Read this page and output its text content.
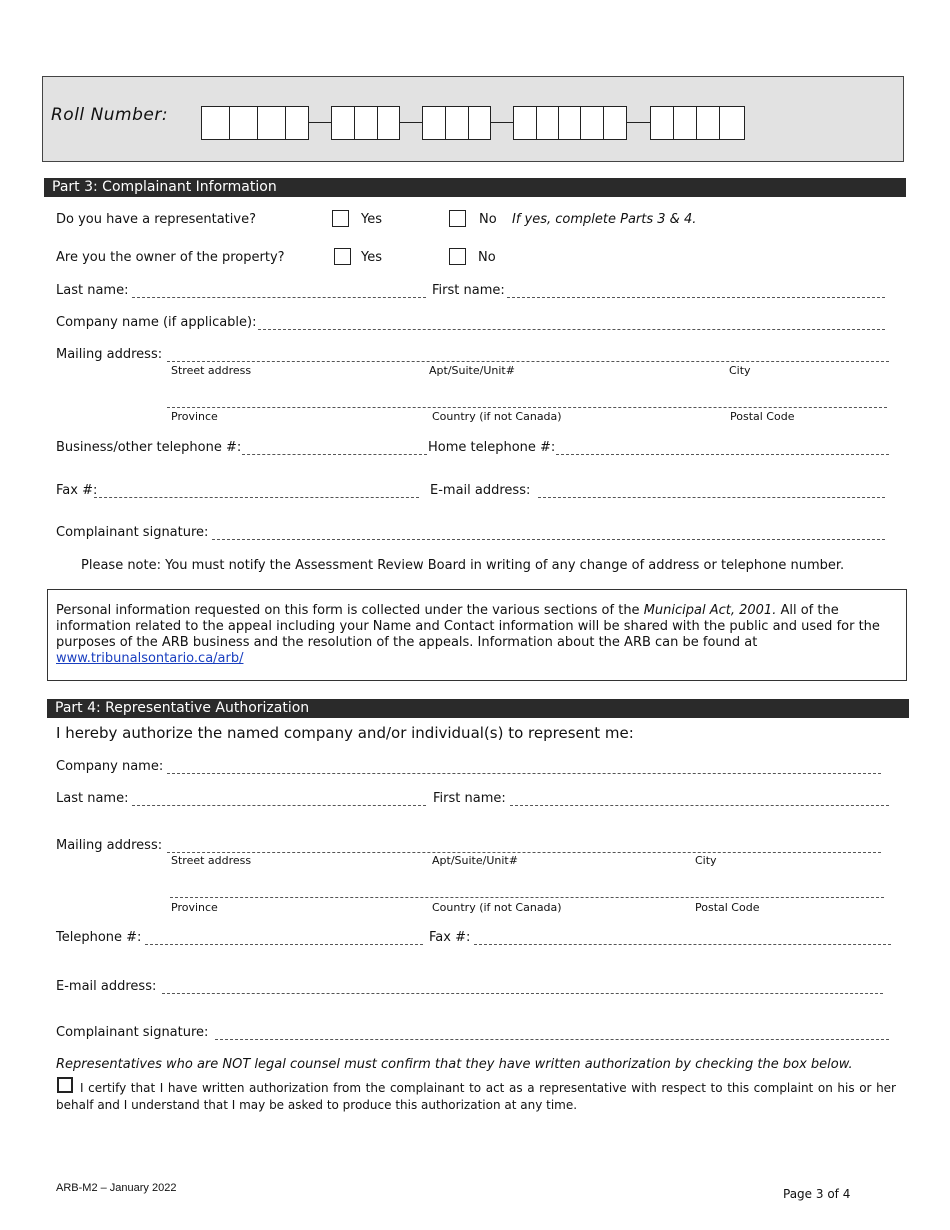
Roll Number:
Part 3: Complainant Information
Do you have a representative?	Yes	No If yes, complete Parts 3 & 4.
Are you the owner of the property?	Yes	No
Last name:	First name:
Company name (if applicable):
Mailing address:
Street address	Apt/Suite/Unit#	City
Province	Country (if not Canada)	Postal Code
Business/other telephone #:	Home telephone #:
Fax #:	E-mail address:
Complainant signature:
Please note: You must notify the Assessment Review Board in writing of any change of address or telephone number.
Personal information requested on this form is collected under the various sections of the Municipal Act, 2001. All of the information related to the appeal including your Name and Contact information will be shared with the public and used for the purposes of the ARB business and the resolution of the appeals. Information about the ARB can be found at www.tribunalsontario.ca/arb/
Part 4: Representative Authorization
I hereby authorize the named company and/or individual(s) to represent me:
Company name:
Last name:	First name:
Mailing address:
Street address	Apt/Suite/Unit#	City
Province	Country (if not Canada)	Postal Code
Telephone #:	Fax #:
E-mail address:
Complainant signature:
Representatives who are NOT legal counsel must confirm that they have written authorization by checking the box below.
I certify that I have written authorization from the complainant to act as a representative with respect to this complaint on his or her behalf and I understand that I may be asked to produce this authorization at any time.
ARB-M2 – January 2022	Page 3 of 4
